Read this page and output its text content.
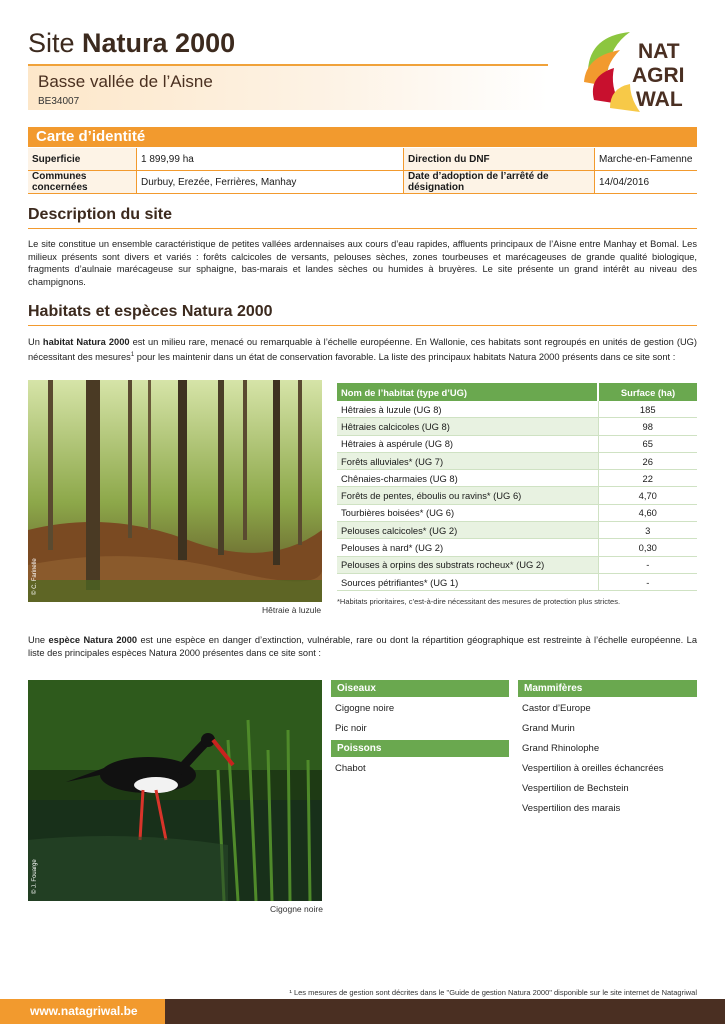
Site Natura 2000
Basse vallée de l’Aisne
BE34007
NAT
AGRI
WAL
Carte d’identité
Superficie	1 899,99 ha	Direction du DNF	Marche-en-Famenne
Communes concernées	Durbuy, Erezée, Ferrières, Manhay	Date d’adoption de l’arrêté de désignation	14/04/2016
Description du site
Le site constitue un ensemble caractéristique de petites vallées ardennaises aux cours d’eau rapides, affluents principaux de l’Aisne entre Manhay et Bomal. Les milieux présents sont divers et variés : forêts calcicoles de versants, pelouses sèches, zones tourbeuses et marécageuses de grande qualité biologique, fragments d’aulnaie marécageuse sur sphaigne, bas-marais et landes sèches ou humides à bruyères. Le site présente un grand intérêt au niveau des champignons.
Habitats et espèces Natura 2000
Un habitat Natura 2000 est un milieu rare, menacé ou remarquable à l’échelle européenne. En Wallonie, ces habitats sont regroupés en unités de gestion (UG) nécessitant des mesures$^1$ pour les maintenir dans un état de conservation favorable. La liste des principaux habitats Natura 2000 présents dans ce site sont :
© C. Farinelle
Hêtraie à luzule
Nom de l’habitat (type d’UG)	Surface (ha)
Hêtraies à luzule (UG 8)	185
Hêtraies calcicoles (UG 8)	98
Hêtraies à aspérule (UG 8)	65
Forêts alluviales* (UG 7)	26
Chênaies-charmaies (UG 8)	22
Forêts de pentes, éboulis ou ravins* (UG 6)	4,70
Tourbières boisées* (UG 6)	4,60
Pelouses calcicoles* (UG 2)	3
Pelouses à nard* (UG 2)	0,30
Pelouses à orpins des substrats rocheux* (UG 2)	-
Sources pétrifiantes* (UG 1)	-
*Habitats prioritaires, c’est-à-dire nécessitant des mesures de protection plus strictes.
Une espèce Natura 2000 est une espèce en danger d’extinction, vulnérable, rare ou dont la répartition géographique est restreinte à l’échelle européenne. La liste des principales espèces Natura 2000 présentes dans ce site sont :
© J. Fouarge
Cigogne noire
Oiseaux
Cigogne noire
Pic noir
Poissons
Chabot
Mammifères
Castor d’Europe
Grand Murin
Grand Rhinolophe
Vespertilion à oreilles échancrées
Vespertilion de Bechstein
Vespertilion des marais
¹ Les mesures de gestion sont décrites dans le "Guide de gestion Natura 2000" disponible sur le site internet de Natagriwal
www.natagriwal.be
